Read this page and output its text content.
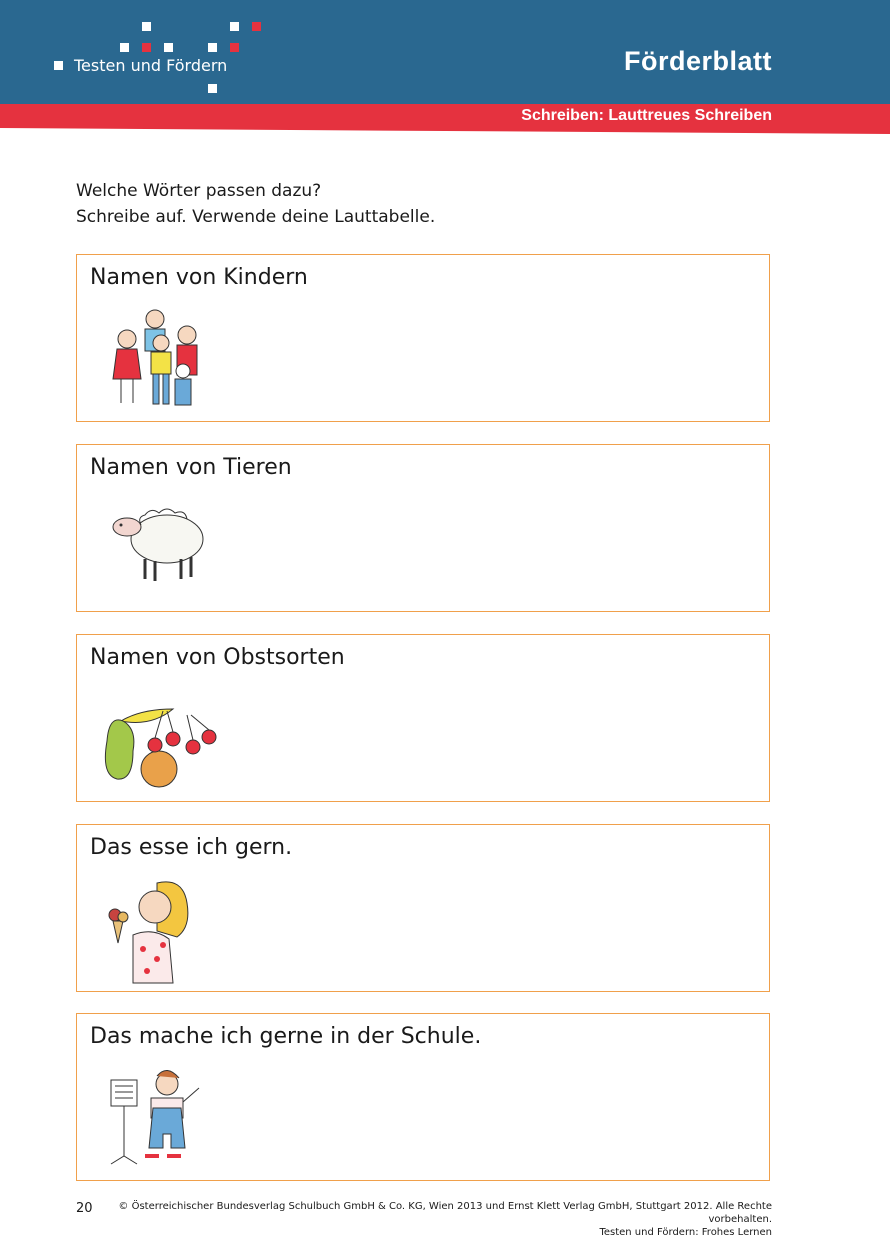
Testen und Fördern	Förderblatt
Schreiben: Lauttreues Schreiben
Welche Wörter passen dazu?
Schreibe auf. Verwende deine Lauttabelle.
Namen von Kindern
Namen von Tieren
Namen von Obstsorten
Das esse ich gern.
Das mache ich gerne in der Schule.
20	© Österreichischer Bundesverlag Schulbuch GmbH & Co. KG, Wien 2013 und Ernst Klett Verlag GmbH, Stuttgart 2012. Alle Rechte vorbehalten.
Testen und Fördern: Frohes Lernen
